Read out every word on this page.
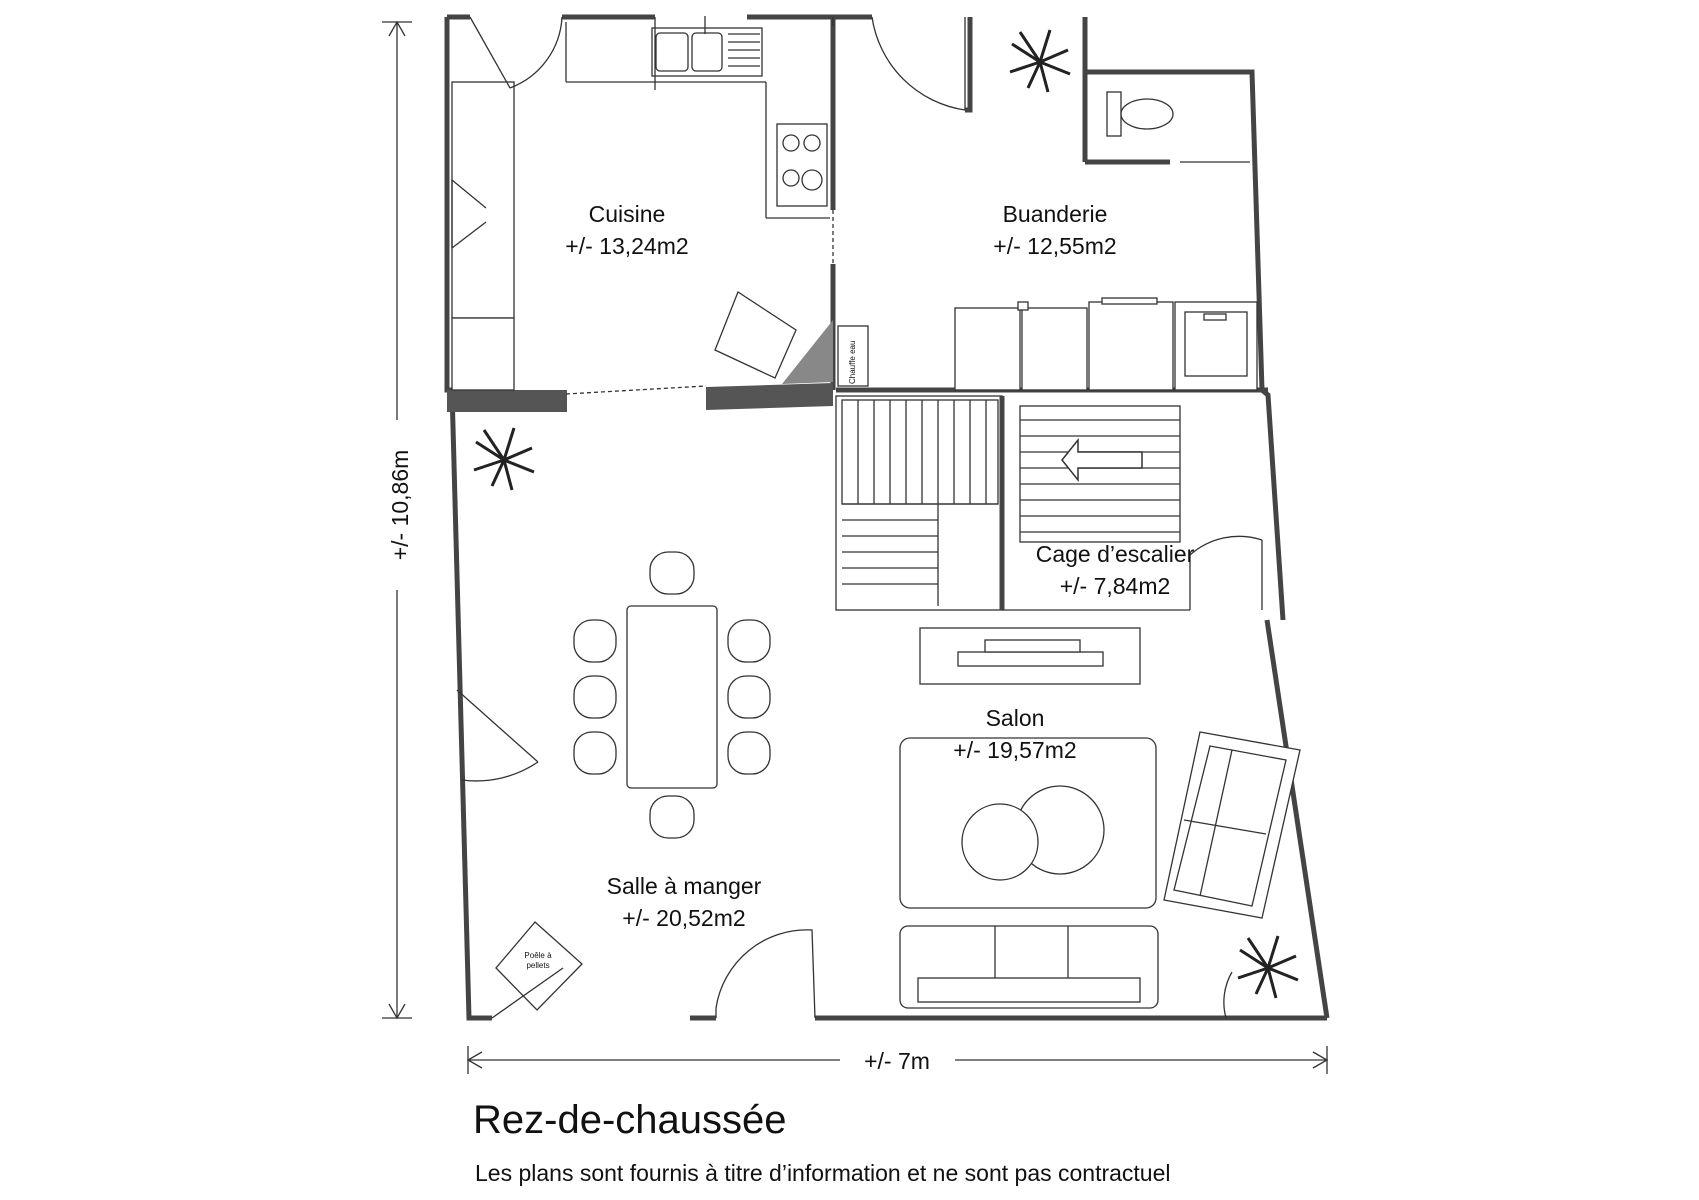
+/- 10,86m
+/- 7m
Chauffe eau
Poêle à
pellets
Cuisine
+/- 13,24m2
Buanderie
+/- 12,55m2
Cage d’escalier
+/- 7,84m2
Salon
+/- 19,57m2
Salle à manger
+/- 20,52m2
Rez-de-chaussée
Les plans sont fournis à titre d’information et ne sont pas contractuel
